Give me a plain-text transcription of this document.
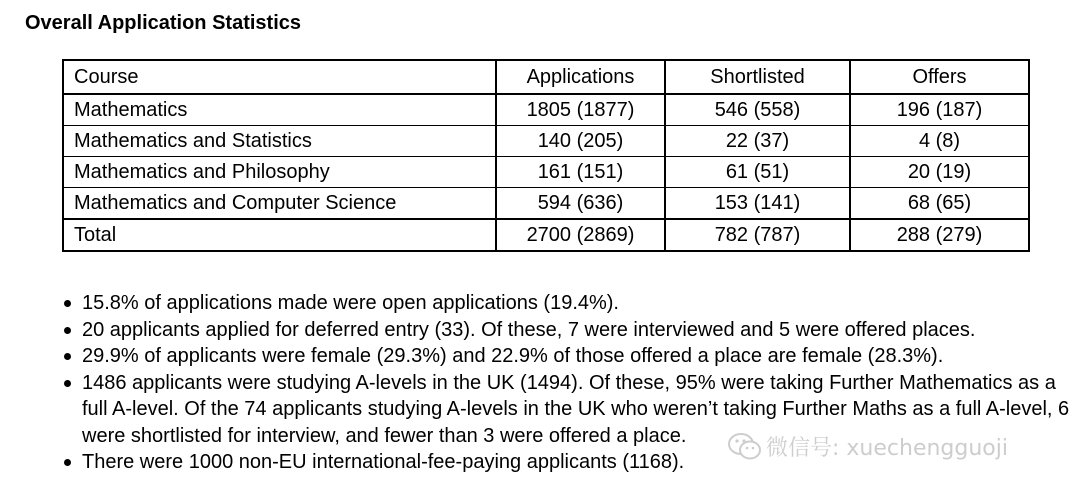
Overall Application Statistics
Course	Applications	Shortlisted	Offers
Mathematics	1805 (1877)	546 (558)	196 (187)
Mathematics and Statistics	140 (205)	22 (37)	4 (8)
Mathematics and Philosophy	161 (151)	61 (51)	20 (19)
Mathematics and Computer Science	594 (636)	153 (141)	68 (65)
Total	2700 (2869)	782 (787)	288 (279)
15.8% of applications made were open applications (19.4%).
20 applicants applied for deferred entry (33). Of these, 7 were interviewed and 5 were offered places.
29.9% of applicants were female (29.3%) and 22.9% of those offered a place are female (28.3%).
1486 applicants were studying A-levels in the UK (1494). Of these, 95% were taking Further Mathematics as a full A-level. Of the 74 applicants studying A-levels in the UK who weren’t taking Further Maths as a full A-level, 6 were shortlisted for interview, and fewer than 3 were offered a place.
There were 1000 non-EU international-fee-paying applicants (1168).
微信号: xuechengguoji
